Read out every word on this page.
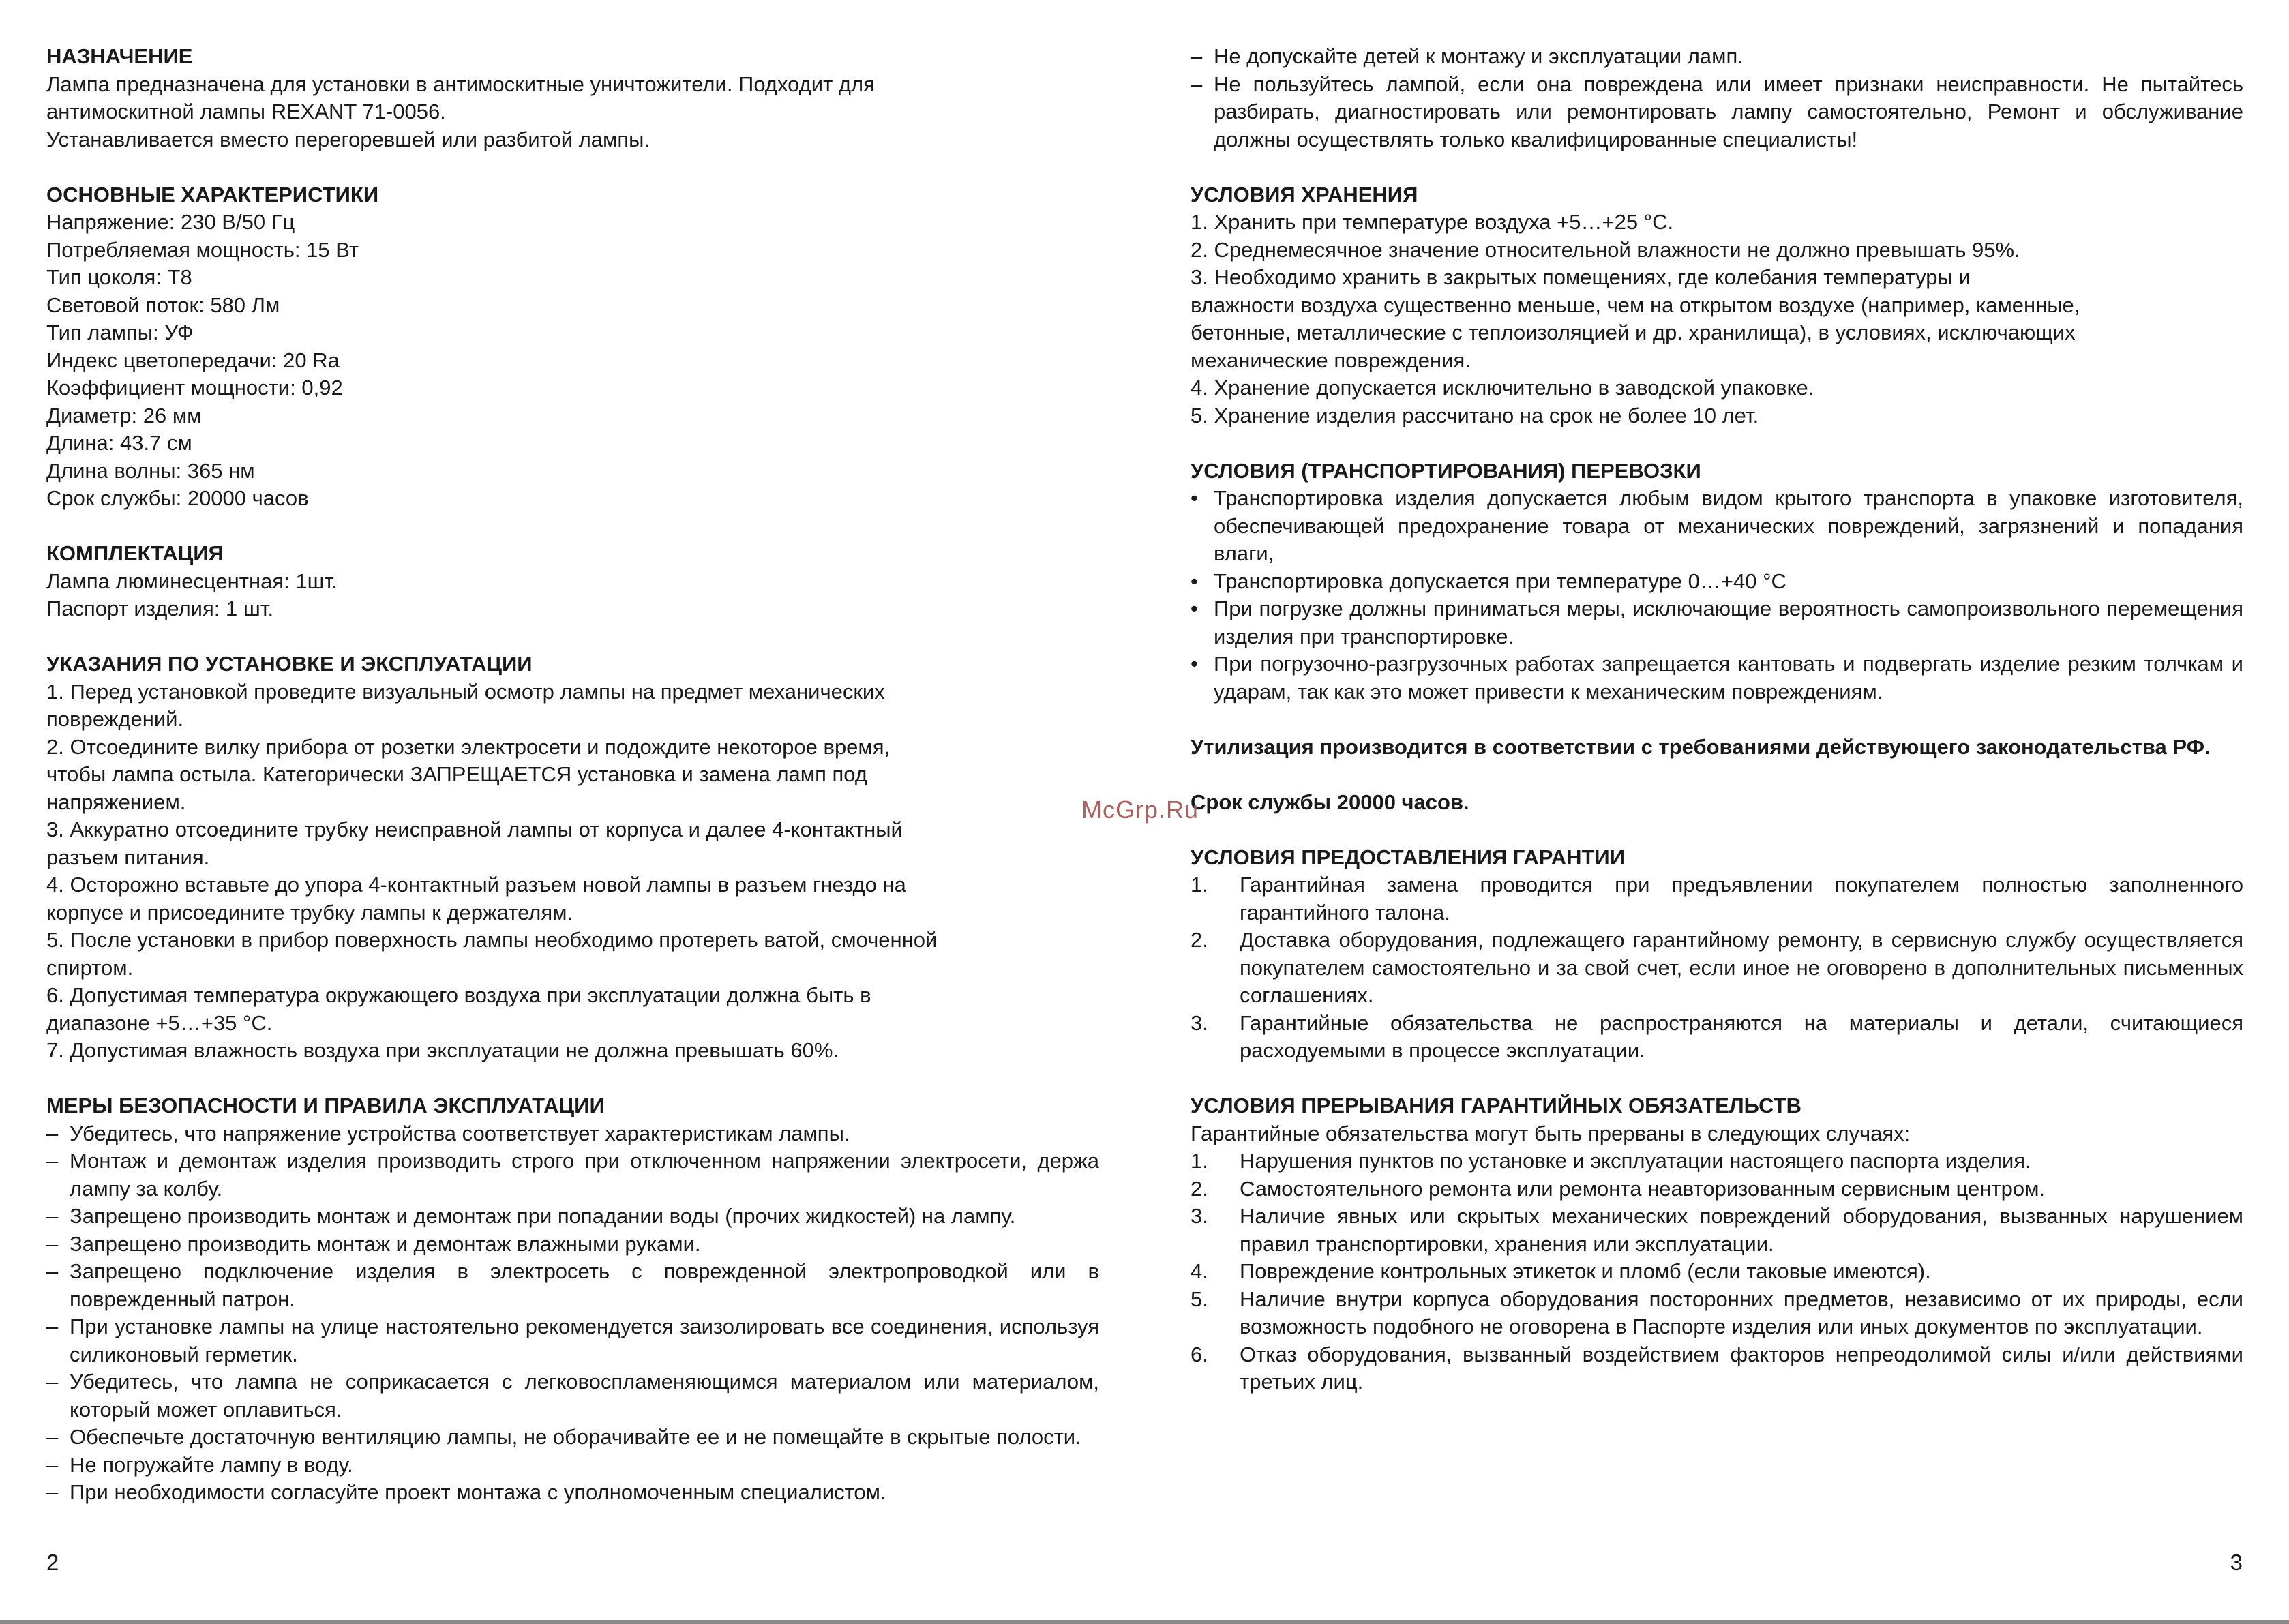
НАЗНАЧЕНИЕ

Лампа предназначена для установки в антимоскитные уничтожители. Подходит для

антимоскитной лампы REXANT 71-0056.

Устанавливается вместо перегоревшей или разбитой лампы.

ОСНОВНЫЕ ХАРАКТЕРИСТИКИ

Напряжение: 230 В/50 Гц

Потребляемая мощность: 15 Вт

Тип цоколя: T8

Световой поток: 580 Лм

Тип лампы: УФ

Индекс цветопередачи: 20 Ra

Коэффициент мощности: 0,92

Диаметр: 26 мм

Длина: 43.7 см

Длина волны: 365 нм

Срок службы: 20000 часов

КОМПЛЕКТАЦИЯ

Лампа люминесцентная: 1шт.

Паспорт изделия: 1 шт.

УКАЗАНИЯ ПО УСТАНОВКЕ И ЭКСПЛУАТАЦИИ

1. Перед установкой проведите визуальный осмотр лампы на предмет механических

повреждений.

2. Отсоедините вилку прибора от розетки электросети и подождите некоторое время,

чтобы лампа остыла. Категорически ЗАПРЕЩАЕТСЯ установка и замена ламп под

напряжением.

3. Аккуратно отсоедините трубку неисправной лампы от корпуса и далее 4-контактный

разъем питания.

4. Осторожно вставьте до упора 4-контактный разъем новой лампы в разъем гнездо на

корпусе и присоедините трубку лампы к держателям.

5. После установки в прибор поверхность лампы необходимо протереть ватой, смоченной

спиртом.

6. Допустимая температура окружающего воздуха при эксплуатации должна быть в

диапазоне +5…+35 °С.

7. Допустимая влажность воздуха при эксплуатации не должна превышать 60%.

МЕРЫ БЕЗОПАСНОСТИ И ПРАВИЛА ЭКСПЛУАТАЦИИ
– Убедитесь, что напряжение устройства соответствует характеристикам лампы.
– Монтаж и демонтаж изделия производить строго при отключенном напряжении электросети, держа лампу за колбу.
– Запрещено производить монтаж и демонтаж при попадании воды (прочих жидкостей) на лампу.
– Запрещено производить монтаж и демонтаж влажными руками.
– Запрещено подключение изделия в электросеть с поврежденной электропроводкой или в поврежденный патрон.
– При установке лампы на улице настоятельно рекомендуется заизолировать все соединения, используя силиконовый герметик.
– Убедитесь, что лампа не соприкасается с легковоспламеняющимся материалом или материалом, который может оплавиться.
– Обеспечьте достаточную вентиляцию лампы, не оборачивайте ее и не помещайте в скрытые полости.
– Не погружайте лампу в воду.
– При необходимости согласуйте проект монтажа с уполномоченным специалистом.
– Не допускайте детей к монтажу и эксплуатации ламп.
– Не пользуйтесь лампой, если она повреждена или имеет признаки неисправности. Не пытайтесь разбирать, диагностировать или ремонтировать лампу самостоятельно, Ремонт и обслуживание должны осуществлять только квалифицированные специалисты!
УСЛОВИЯ ХРАНЕНИЯ

1. Хранить при температуре воздуха +5…+25 °С.

2. Среднемесячное значение относительной влажности не должно превышать 95%.

3. Необходимо хранить в закрытых помещениях, где колебания температуры и

влажности воздуха существенно меньше, чем на открытом воздухе (например, каменные,

бетонные, металлические с теплоизоляцией и др. хранилища), в условиях, исключающих

механические повреждения.

4. Хранение допускается исключительно в заводской упаковке.

5. Хранение изделия рассчитано на срок не более 10 лет.

УСЛОВИЯ (ТРАНСПОРТИРОВАНИЯ) ПЕРЕВОЗКИ
• Транспортировка изделия допускается любым видом крытого транспорта в упаковке изготовителя, обеспечивающей предохранение товара от механических повреждений, загрязнений и попадания влаги,
• Транспортировка допускается при температуре 0…+40 °С
• При погрузке должны приниматься меры, исключающие вероятность самопроизвольного перемещения изделия при транспортировке.
• При погрузочно-разгрузочных работах запрещается кантовать и подвергать изделие резким толчкам и ударам, так как это может привести к механическим повреждениям.

Утилизация производится в соответствии с требованиями действующего законодательства РФ.

Срок службы 20000 часов.

УСЛОВИЯ ПРЕДОСТАВЛЕНИЯ ГАРАНТИИ
1. Гарантийная замена проводится при предъявлении покупателем полностью заполненного гарантийного талона.
2. Доставка оборудования, подлежащего гарантийному ремонту, в сервисную службу осуществляется покупателем самостоятельно и за свой счет, если иное не оговорено в дополнительных письменных соглашениях.
3. Гарантийные обязательства не распространяются на материалы и детали, считающиеся расходуемыми в процессе эксплуатации.
УСЛОВИЯ ПРЕРЫВАНИЯ ГАРАНТИЙНЫХ ОБЯЗАТЕЛЬСТВ

Гарантийные обязательства могут быть прерваны в следующих случаях:

1. Нарушения пунктов по установке и эксплуатации настоящего паспорта изделия.
2. Самостоятельного ремонта или ремонта неавторизованным сервисным центром.
3. Наличие явных или скрытых механических повреждений оборудования, вызванных нарушением правил транспортировки, хранения или эксплуатации.
4. Повреждение контрольных этикеток и пломб (если таковые имеются).
5. Наличие внутри корпуса оборудования посторонних предметов, независимо от их природы, если возможность подобного не оговорена в Паспорте изделия или иных документов по эксплуатации.
6. Отказ оборудования, вызванный воздействием факторов непреодолимой силы и/или действиями третьих лиц.
McGrp.Ru
2	3
